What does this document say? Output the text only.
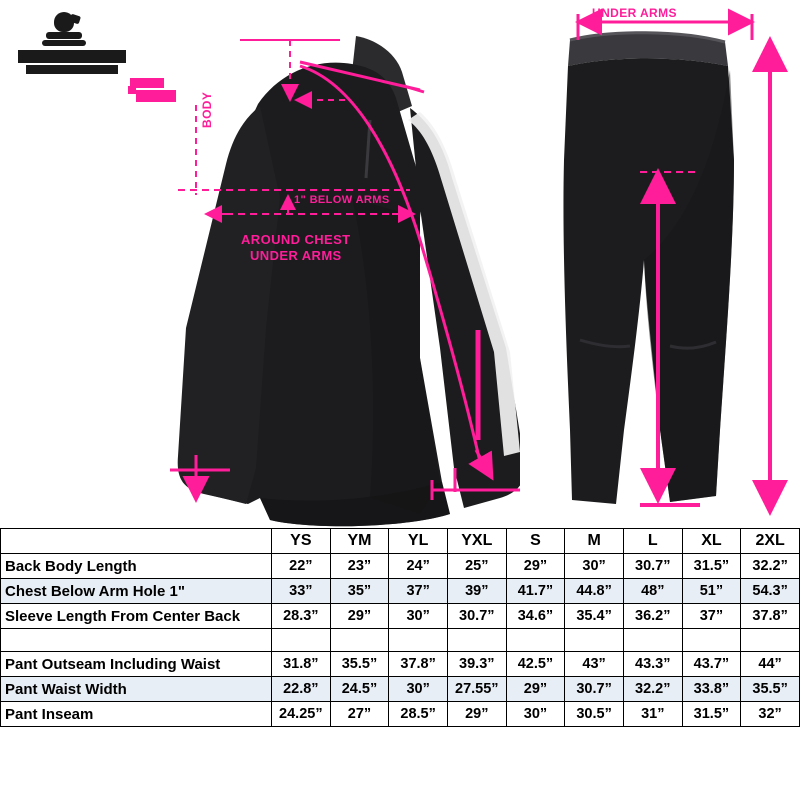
UNDER ARMS
BODY
1" BELOW ARMS
AROUND CHEST
UNDER ARMS
	YS	YM	YL	YXL	S	M	L	XL	2XL
Back Body Length	22”	23”	24”	25”	29”	30”	30.7”	31.5”	32.2”
Chest Below Arm Hole 1"	33”	35”	37”	39”	41.7”	44.8”	48”	51”	54.3”
Sleeve Length From Center Back	28.3”	29”	30”	30.7”	34.6”	35.4”	36.2”	37”	37.8”

Pant Outseam Including Waist	31.8”	35.5”	37.8”	39.3”	42.5”	43”	43.3”	43.7”	44”
Pant Waist Width	22.8”	24.5”	30”	27.55”	29”	30.7”	32.2”	33.8”	35.5”
Pant Inseam	24.25”	27”	28.5”	29”	30”	30.5”	31”	31.5”	32”
